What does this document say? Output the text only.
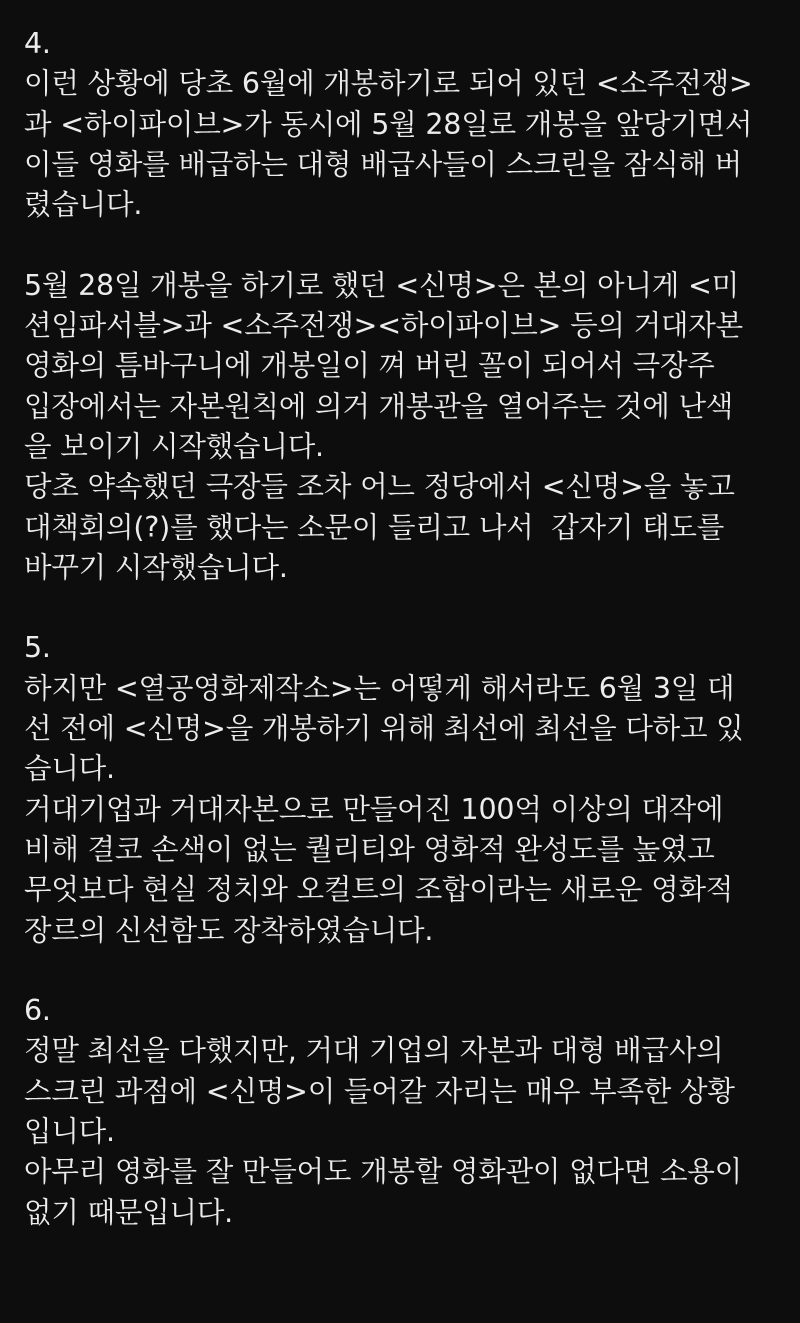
4.
이런 상황에 당초 6월에 개봉하기로 되어 있던 <소주전쟁>
과 <하이파이브>가 동시에 5월 28일로 개봉을 앞당기면서
이들 영화를 배급하는 대형 배급사들이 스크린을 잠식해 버
렸습니다.
5월 28일 개봉을 하기로 했던 <신명>은 본의 아니게 <미
션임파서블>과 <소주전쟁><하이파이브> 등의 거대자본
영화의 틈바구니에 개봉일이 껴 버린 꼴이 되어서 극장주
입장에서는 자본원칙에 의거 개봉관을 열어주는 것에 난색
을 보이기 시작했습니다.
당초 약속했던 극장들 조차 어느 정당에서 <신명>을 놓고
대책회의(?)를 했다는 소문이 들리고 나서  갑자기 태도를
바꾸기 시작했습니다.
5.
하지만 <열공영화제작소>는 어떻게 해서라도 6월 3일 대
선 전에 <신명>을 개봉하기 위해 최선에 최선을 다하고 있
습니다.
거대기업과 거대자본으로 만들어진 100억 이상의 대작에
비해 결코 손색이 없는 퀄리티와 영화적 완성도를 높였고
무엇보다 현실 정치와 오컬트의 조합이라는 새로운 영화적
장르의 신선함도 장착하였습니다.
6.
정말 최선을 다했지만, 거대 기업의 자본과 대형 배급사의
스크린 과점에 <신명>이 들어갈 자리는 매우 부족한 상황
입니다.
아무리 영화를 잘 만들어도 개봉할 영화관이 없다면 소용이
없기 때문입니다.
